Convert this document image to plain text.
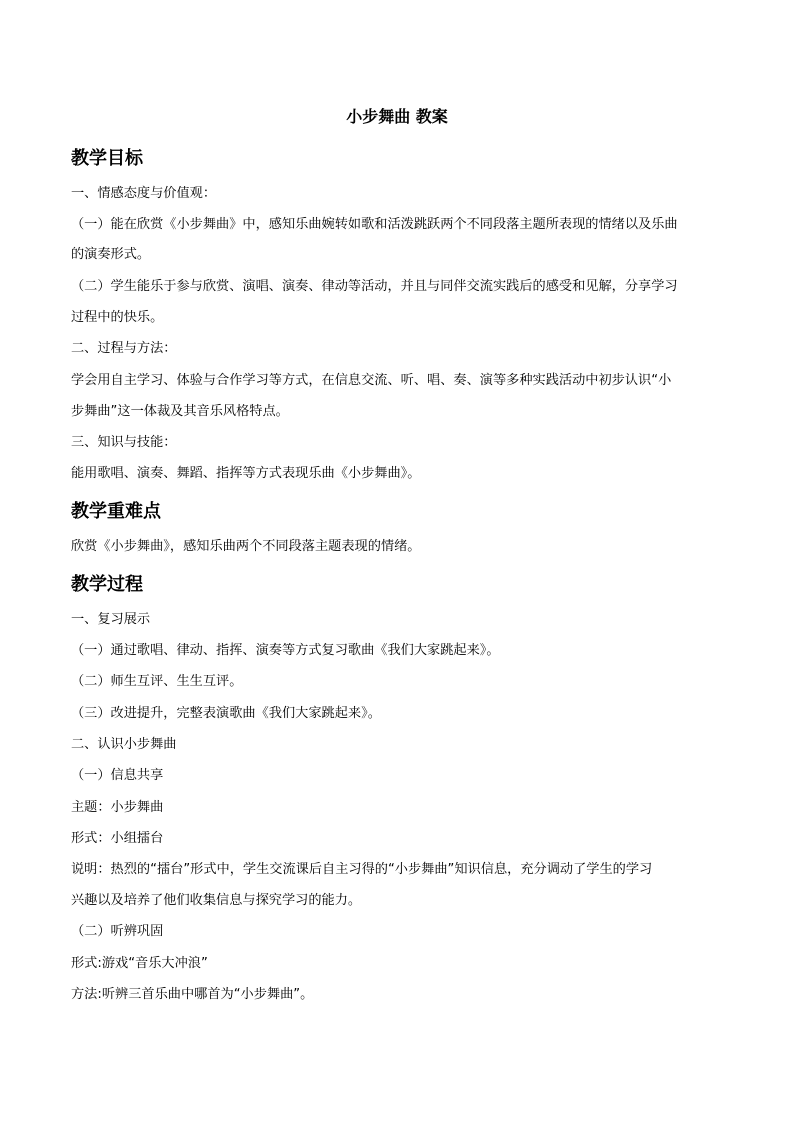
小步舞曲 教案
教学目标
一、情感态度与价值观：
（一）能在欣赏《小步舞曲》中，感知乐曲婉转如歌和活泼跳跃两个不同段落主题所表现的情绪以及乐曲
的演奏形式。
（二）学生能乐于参与欣赏、演唱、演奏、律动等活动，并且与同伴交流实践后的感受和见解，分享学习
过程中的快乐。
二、过程与方法：
学会用自主学习、体验与合作学习等方式，在信息交流、听、唱、奏、演等多种实践活动中初步认识“小
步舞曲”这一体裁及其音乐风格特点。
三、知识与技能：
能用歌唱、演奏、舞蹈、指挥等方式表现乐曲《小步舞曲》。
教学重难点
欣赏《小步舞曲》，感知乐曲两个不同段落主题表现的情绪。
教学过程
一、复习展示
（一）通过歌唱、律动、指挥、演奏等方式复习歌曲《我们大家跳起来》。
（二）师生互评、生生互评。
（三）改进提升，完整表演歌曲《我们大家跳起来》。
二、认识小步舞曲
（一）信息共享
主题：小步舞曲
形式：小组擂台
说明：热烈的“擂台”形式中，学生交流课后自主习得的“小步舞曲”知识信息，充分调动了学生的学习
兴趣以及培养了他们收集信息与探究学习的能力。
（二）听辨巩固
形式:游戏“音乐大冲浪”
方法:听辨三首乐曲中哪首为“小步舞曲”。
